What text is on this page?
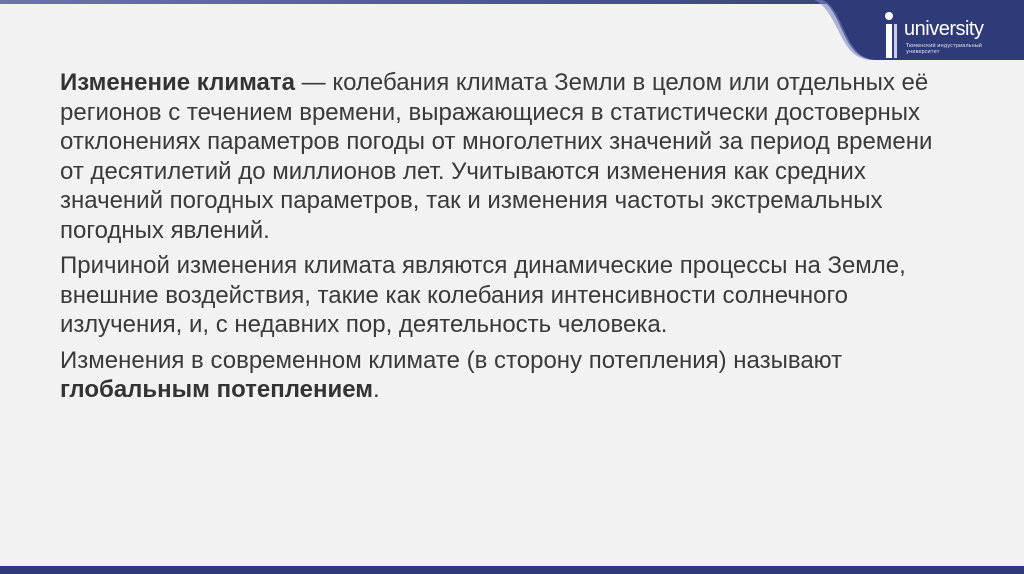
university
Тюменский индустриальный университет

Изменение климата — колебания климата Земли в целом или отдельных её регионов с течением времени, выражающиеся в статистически достоверных отклонениях параметров погоды от многолетних значений за период времени от десятилетий до миллионов лет. Учитываются изменения как средних значений погодных параметров, так и изменения частоты экстремальных погодных явлений.

Причиной изменения климата являются динамические процессы на Земле, внешние воздействия, такие как колебания интенсивности солнечного излучения, и, с недавних пор, деятельность человека.

Изменения в современном климате (в сторону потепления) называют глобальным потеплением.
